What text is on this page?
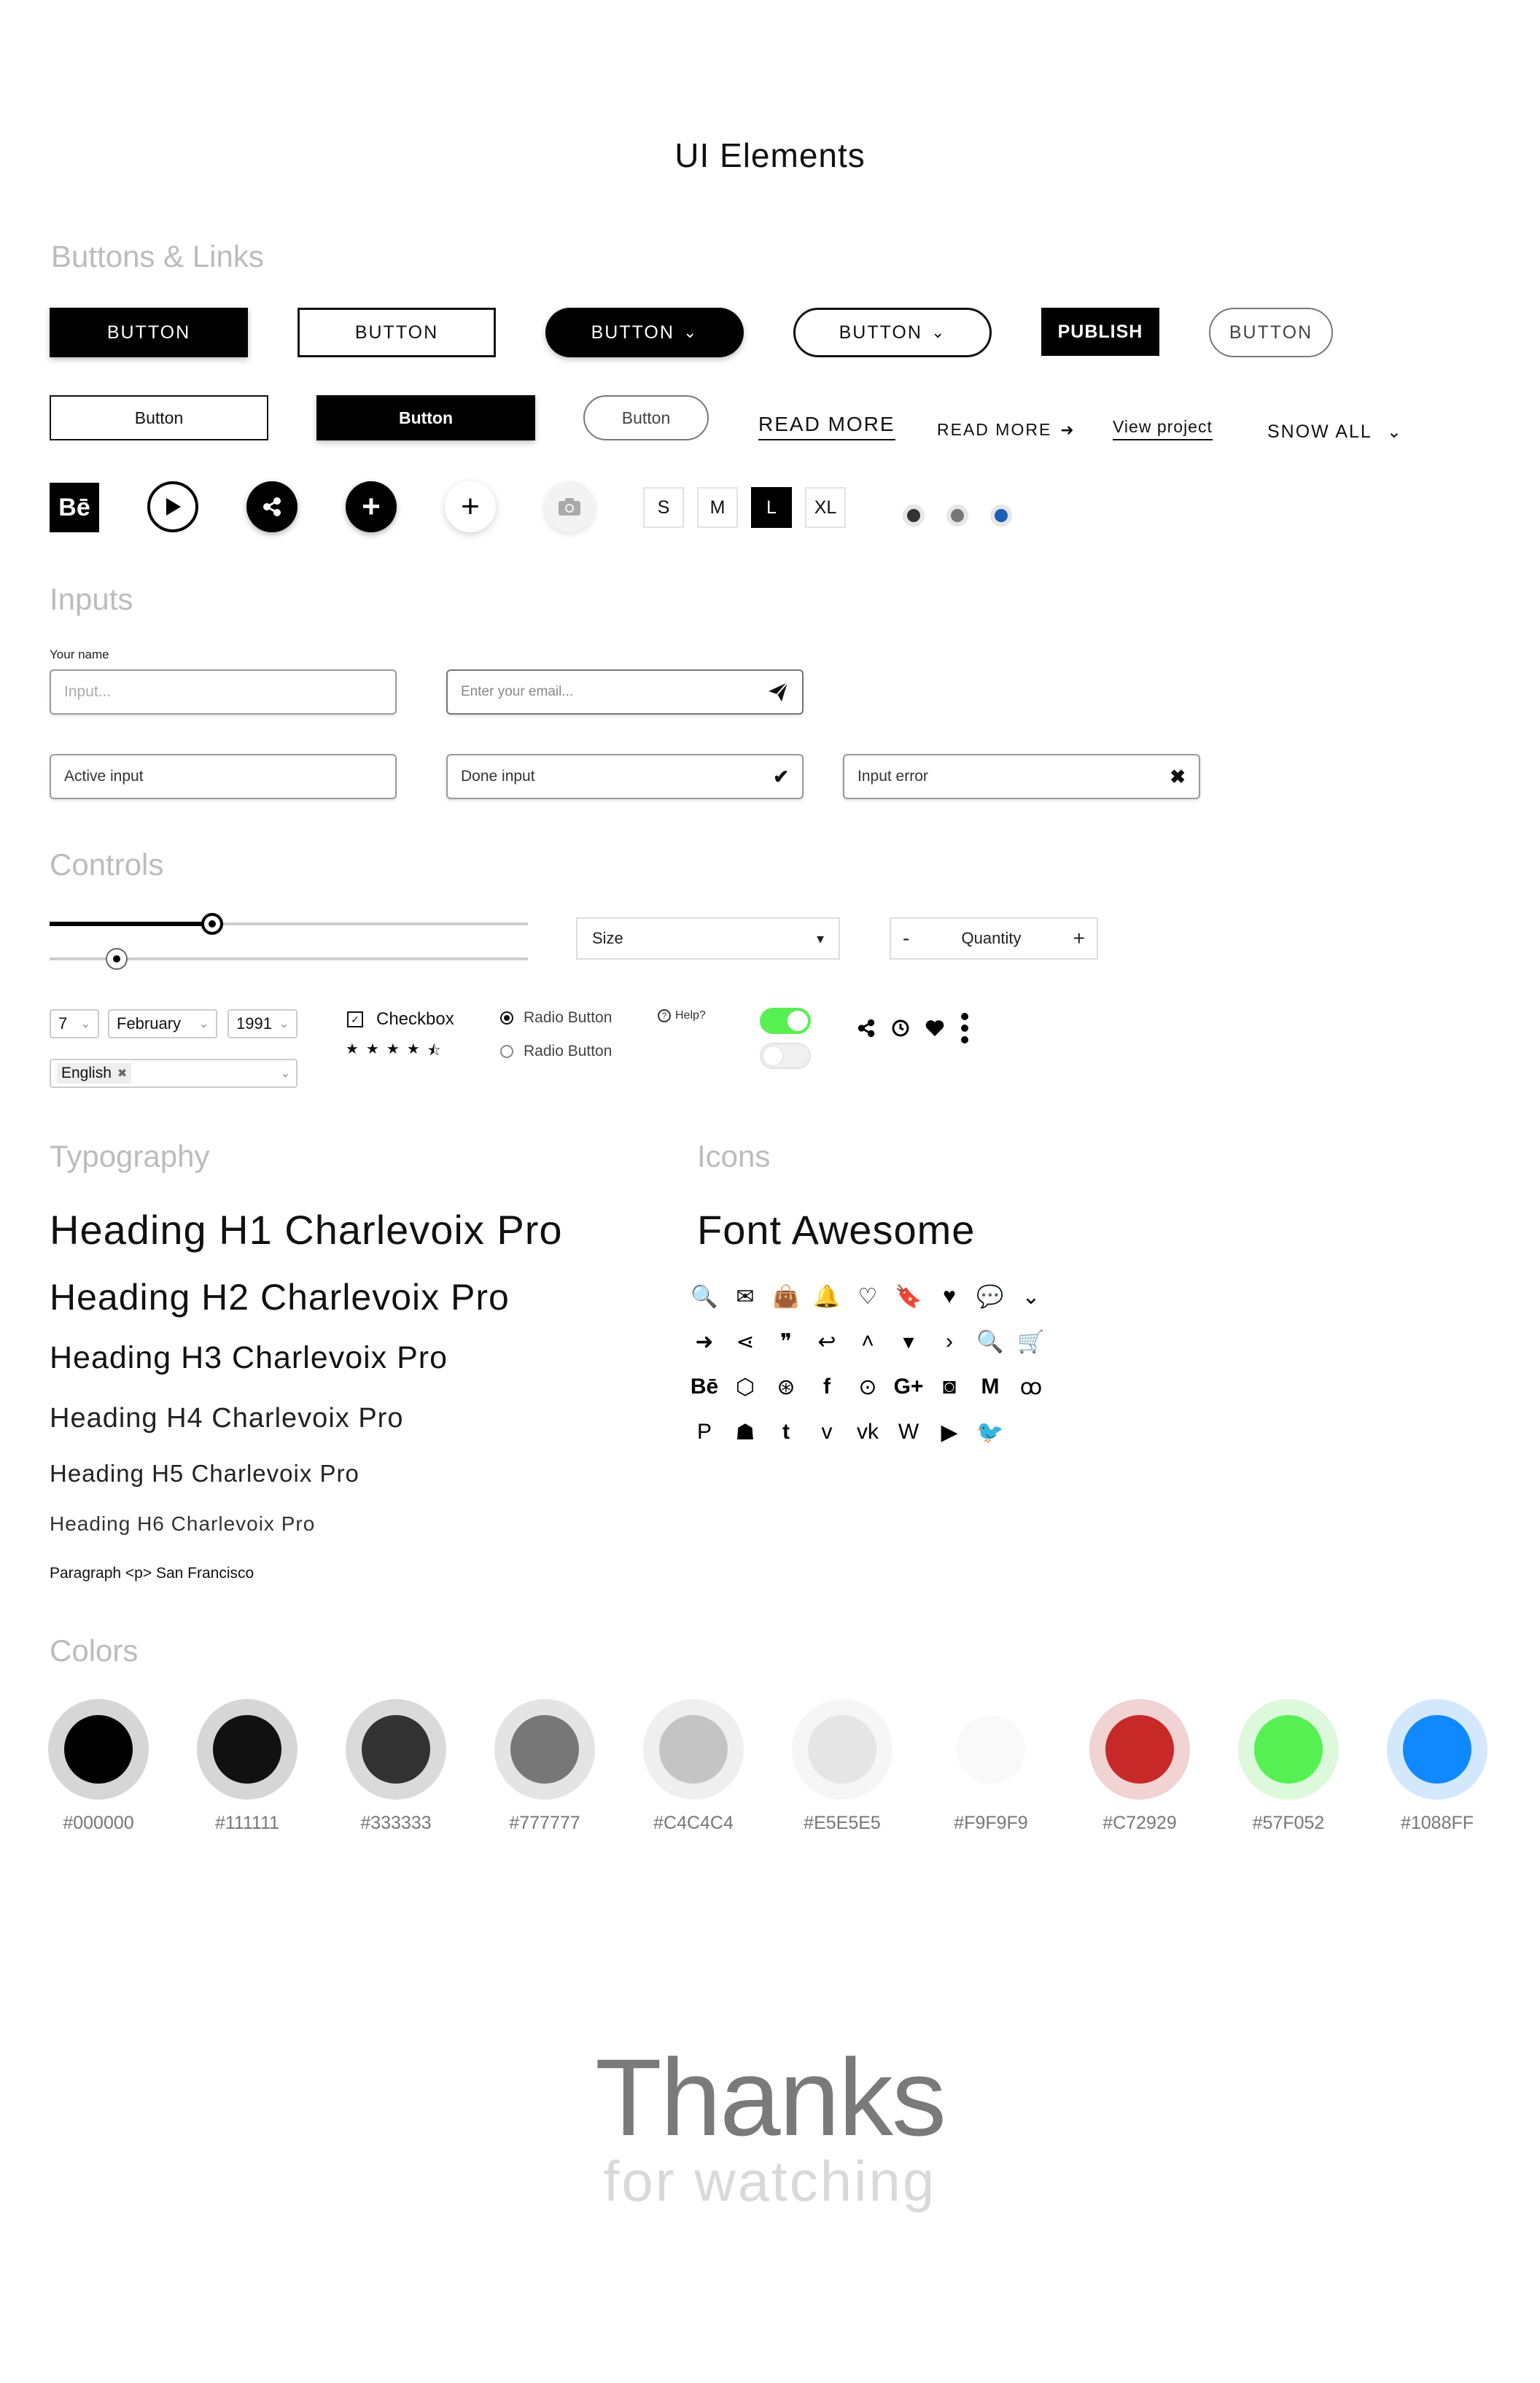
UI Elements
Buttons & Links
BUTTON	BUTTON	BUTTON ⌄	BUTTON ⌄	PUBLISH	BUTTON
Button	Button	Button	READ MORE READ MORE ➜ View project	SNOW ALL ⌄
Bē	+	+	S	M	L	XL
Inputs
Your name
Input...	Enter your email...
Active input	Done input	✔	Input error	✖
Controls
Size	▾	-	Quantity	+
7 ⌄ February ⌄ 1991 ⌄
English ✖	⌄
✓ Checkbox
★ ★ ★ ★ ⯪
Radio Button
Radio Button
? Help?
Typography
Heading H1 Charlevoix Pro
Heading H2 Charlevoix Pro
Heading H3 Charlevoix Pro
Heading H4 Charlevoix Pro
Heading H5 Charlevoix Pro
Heading H6 Charlevoix Pro
Paragraph <p> San Francisco
Icons
Font Awesome
🔍 ✉ 👜 🔔 ♡ 🔖 ♥ 💬 ⌄
➜ ⋖	❞	↩	˄	▾	›	🔍 🛒
Bē ⬡ ⊛	f	⊙ G+ ◙	M ꝏ
P	☗	t	v	vk W ▶ 🐦
Colors
#000000	#111111	#333333	#777777	#C4C4C4	#E5E5E5	#F9F9F9	#C72929	#57F052	#1088FF
Thanks
for watching
